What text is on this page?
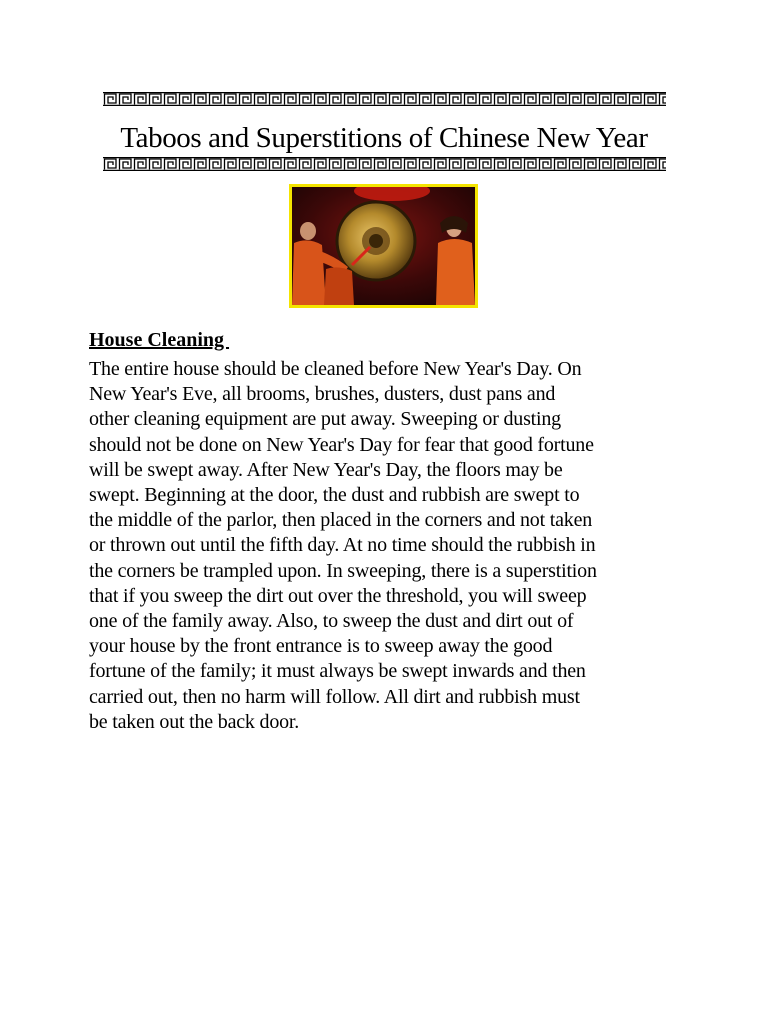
Taboos and Superstitions of Chinese New Year
House Cleaning

The entire house should be cleaned before New Year's Day. On
New Year's Eve, all brooms, brushes, dusters, dust pans and
other cleaning equipment are put away. Sweeping or dusting
should not be done on New Year's Day for fear that good fortune
will be swept away. After New Year's Day, the floors may be
swept. Beginning at the door, the dust and rubbish are swept to
the middle of the parlor, then placed in the corners and not taken
or thrown out until the fifth day. At no time should the rubbish in
the corners be trampled upon. In sweeping, there is a superstition
that if you sweep the dirt out over the threshold, you will sweep
one of the family away. Also, to sweep the dust and dirt out of
your house by the front entrance is to sweep away the good
fortune of the family; it must always be swept inwards and then
carried out, then no harm will follow. All dirt and rubbish must
be taken out the back door.
